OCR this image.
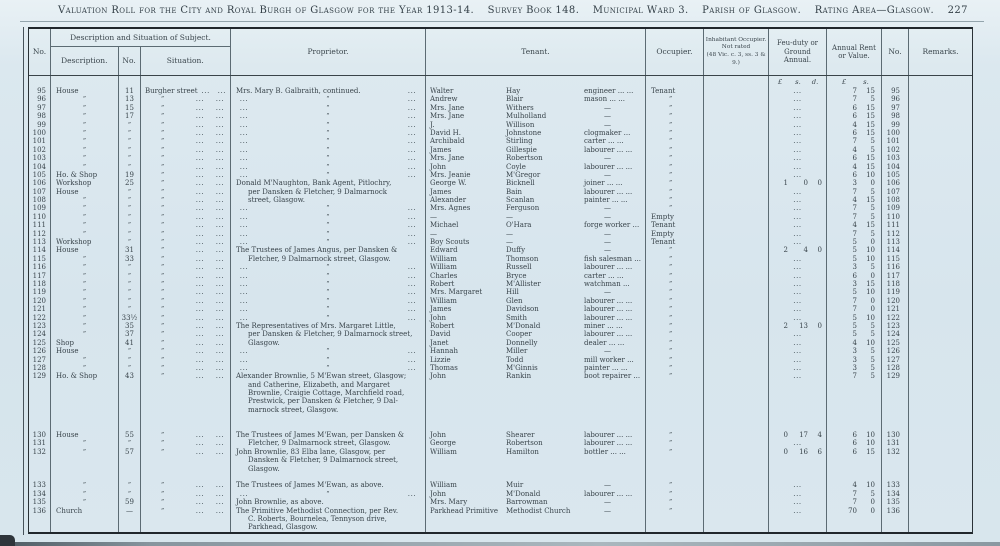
Valuation Roll for the City and Royal Burgh of Glasgow for the Year 1913-14. Survey Book 148. Municipal Ward 3. Parish of Glasgow. Rating Area—Glasgow. 227
No.
Description and Situation of Subject.
Description.	No.	Situation.
Proprietor.	Tenant.	Occupier.
Inhabitant Occupier.
Not rated
(48 Vic. c. 3, ss. 3 & 9.)
Feu-duty or Ground Annual.
Annual Rent or Value.	No.	Remarks.
£	s.	d.	£	s.
95	House	11	Burgher street ...	...	Mrs. Mary B. Galbraith, continued.	...	Walter	Hay	engineer ... ...	Tenant	...	7	15	95
96	”	13	”	...	...	...	”	...	Andrew	Blair	mason ... ...	”	...	7	5	96
97	”	15	”	...	...	...	”	...	Mrs. Jane	Withers	—	”	...	6	15	97
98	”	17	”	...	...	...	”	...	Mrs. Jane	Mulholland	—	”	...	6	15	98
99	”	”	”	...	...	...	”	...	J.	Willison	—	”	...	4	15	99
100	”	”	”	...	...	...	”	...	David H.	Johnstone	clogmaker ...	”	...	6	15	100
101	”	”	”	...	...	...	”	...	Archibald	Stirling	carter ... ...	”	...	7	5	101
102	”	”	”	...	...	...	”	...	James	Gillespie	labourer ... ...	”	...	4	5	102
103	”	”	”	...	...	...	”	...	Mrs. Jane	Robertson	—	”	...	6	15	103
104	”	”	”	...	...	...	”	...	John	Coyle	labourer ... ...	”	...	4	15	104
105	Ho. & Shop	19	”	...	...	...	”	...	Mrs. Jeanie	M'Gregor	—	”	...	6	10	105
106	Workshop	25	”	...	...	Donald M'Naughton, Bank Agent, Pitlochry,	George W.	Bicknell	joiner ... ...	”	1	0	0	3	0	106
107	House	”	”	...	...	per Dansken & Fletcher, 9 Dalmarnock	James	Bain	labourer ... ...	”	...	7	5	107
108	”	”	”	...	...	street, Glasgow.	Alexander	Scanlan	painter ... ...	”	...	4	15	108
109	”	”	”	...	...	...	”	...	Mrs. Agnes	Ferguson	—	”	...	7	5	109
110	”	”	”	...	...	...	”	...	—	—	—	Empty	...	7	5	110
111	”	”	”	...	...	...	”	...	Michael	O'Hara	forge worker ...	Tenant	...	4	15	111
112	”	”	”	...	...	...	”	...	—	—	—	Empty	...	7	5	112
113	Workshop	”	”	...	...	...	”	...	Boy Scouts	—	—	Tenant	...	5	0	113
114	House	31	”	...	...	The Trustees of James Angus, per Dansken &	Edward	Duffy	—	”	2	4	0	5	10	114
115	”	33	”	...	...	Fletcher, 9 Dalmarnock street, Glasgow.	William	Thomson	fish salesman ...	”	...	5	10	115
116	”	”	”	...	...	...	”	...	William	Russell	labourer ... ...	”	...	3	5	116
117	”	”	”	...	...	...	”	...	Charles	Bryce	carter ... ...	”	...	6	0	117
118	”	”	”	...	...	...	”	...	Robert	M'Allister	watchman ...	”	...	3	15	118
119	”	”	”	...	...	...	”	...	Mrs. Margaret	Hill	—	”	...	5	10	119
120	”	”	”	...	...	...	”	...	William	Glen	labourer ... ...	”	...	7	0	120
121	”	”	”	...	...	...	”	...	James	Davidson	labourer ... ...	”	...	7	0	121
122	”	33½	”	...	...	...	”	...	John	Smith	labourer ... ...	”	...	5	10	122
123	”	35	”	...	...	The Representatives of Mrs. Margaret Little,	Robert	M'Donald	miner ... ...	”	2	13	0	5	5	123
124	”	37	”	...	...	per Dansken & Fletcher, 9 Dalmarnock street,	David	Cooper	labourer ... ...	”	...	5	5	124
125	Shop	41	”	...	...	Glasgow.	Janet	Donnelly	dealer ... ...	”	...	4	10	125
126	House	”	”	...	...	...	”	...	Hannah	Miller	—	”	...	3	5	126
127	”	”	”	...	...	...	”	...	Lizzie	Todd	mill worker ...	”	...	3	5	127
128	”	”	”	...	...	...	”	...	Thomas	M'Ginnis	painter ... ...	”	...	3	5	128
129	Ho. & Shop	43	”	...	...	Alexander Brownlie, 5 M'Ewan street, Glasgow;	John	Rankin	boot repairer ...	”	...	7	5	129
and Catherine, Elizabeth, and Margaret
Brownlie, Craigie Cottage, Marchfield road,
Prestwick, per Dansken & Fletcher, 9 Dal-
marnock street, Glasgow.
130	House	55	”	...	...	The Trustees of James M'Ewan, per Dansken &	John	Shearer	labourer ... ...	”	0	17	4	6	10	130
131	”	”	”	...	...	Fletcher, 9 Dalmarnock street, Glasgow.	George	Robertson	labourer ... ...	”	...	6	10	131
132	”	57	”	...	...	John Brownlie, 83 Elba lane, Glasgow, per	William	Hamilton	bottler ... ...	”	0	16	6	6	15	132
Dansken & Fletcher, 9 Dalmarnock street,
Glasgow.
133	”	”	”	...	...	The Trustees of James M'Ewan, as above.	William	Muir	—	”	...	4	10	133
134	”	”	”	...	...	...	”	...	John	M'Donald	labourer ... ...	”	...	7	5	134
135	”	59	”	...	...	John Brownlie, as above.	Mrs. Mary	Barrowman	—	”	...	7	0	135
136	Church	—	”	...	...	The Primitive Methodist Connection, per Rev.	Parkhead Primitive	Methodist Church	—	”	...	70	0	136
C. Roberts, Bournelea, Tennyson drive,
Parkhead, Glasgow.
